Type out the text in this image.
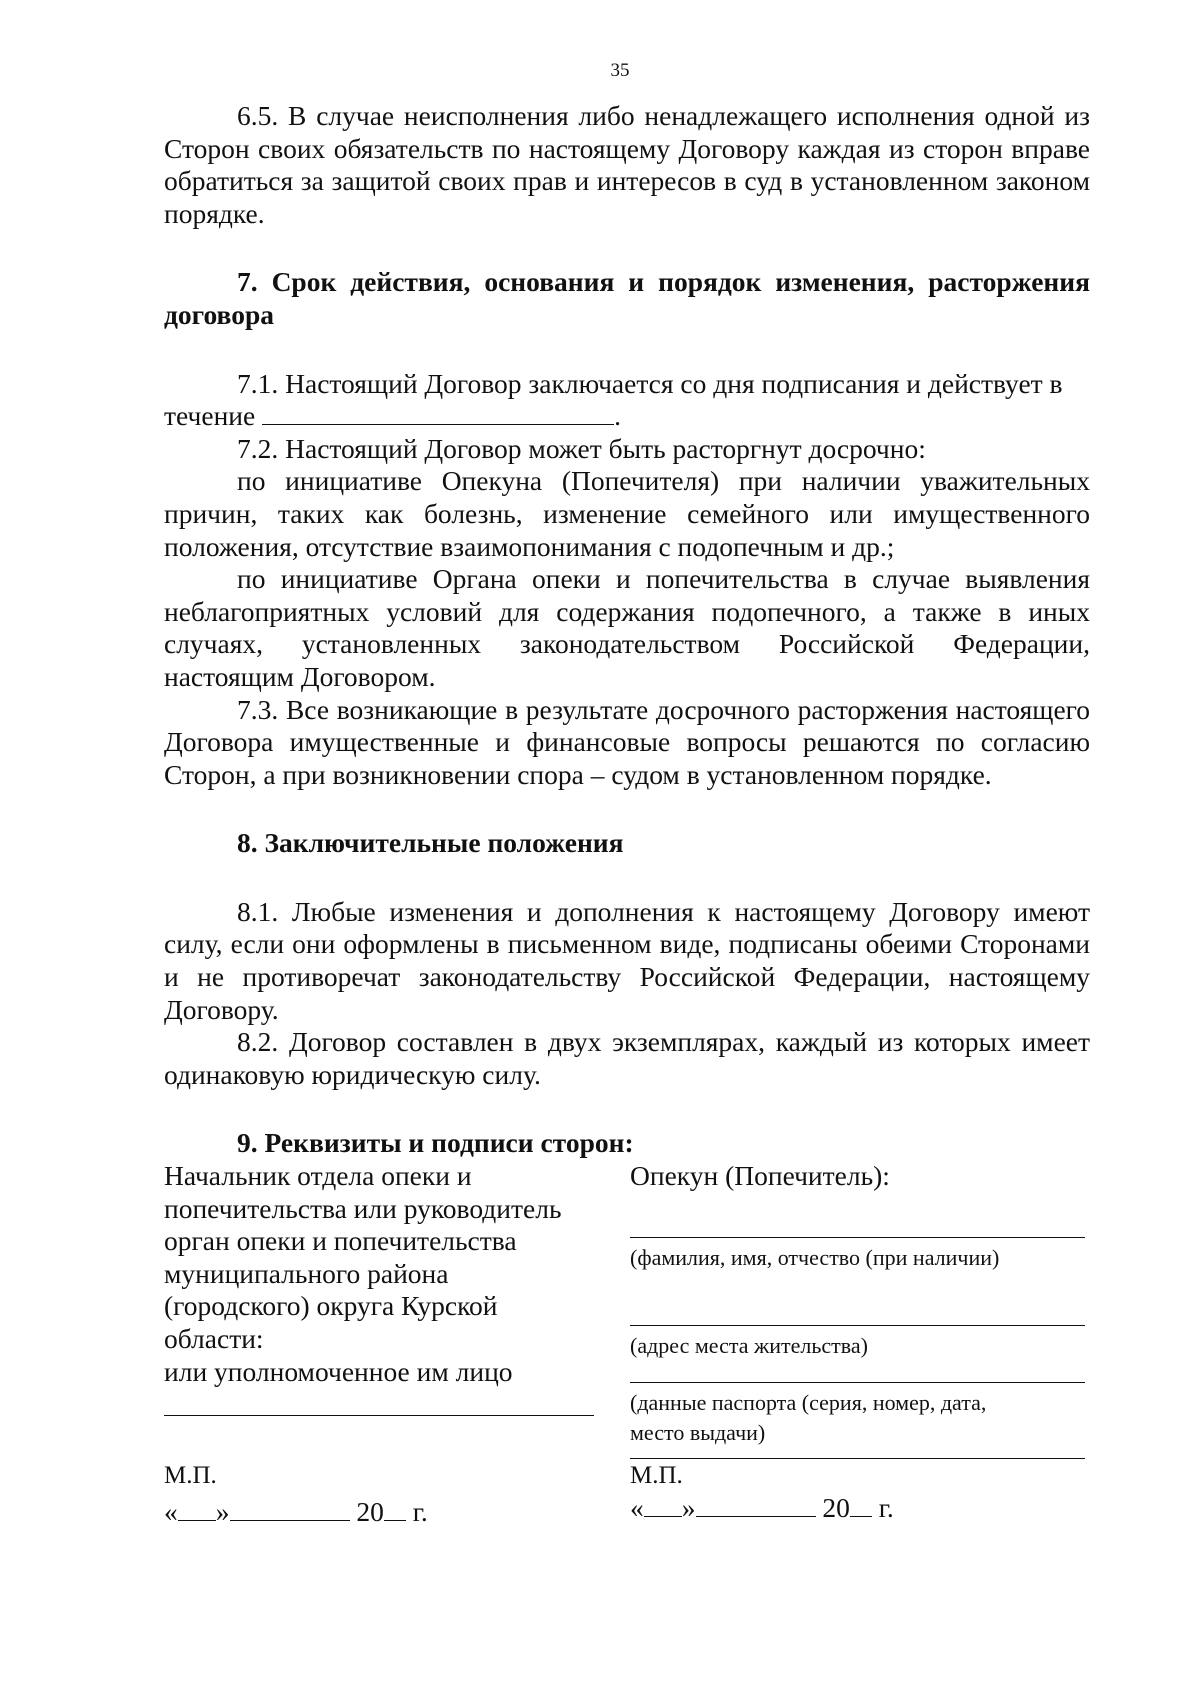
35

6.5. В случае неисполнения либо ненадлежащего исполнения одной из Сторон своих обязательств по настоящему Договору каждая из сторон вправе обратиться за защитой своих прав и интересов в суд в установленном законом порядке.

7. Срок действия, основания и порядок изменения, расторжения договора

7.1. Настоящий Договор заключается со дня подписания и действует в течение	.

7.2. Настоящий Договор может быть расторгнут досрочно:

по инициативе Опекуна (Попечителя) при наличии уважительных причин, таких как болезнь, изменение семейного или имущественного положения, отсутствие взаимопонимания с подопечным и др.;

по инициативе Органа опеки и попечительства в случае выявления неблагоприятных условий для содержания подопечного, а также в иных случаях, установленных законодательством Российской Федерации, настоящим Договором.

7.3. Все возникающие в результате досрочного расторжения настоящего Договора имущественные и финансовые вопросы решаются по согласию Сторон, а при возникновении спора – судом в установленном порядке.

8. Заключительные положения

8.1. Любые изменения и дополнения к настоящему Договору имеют силу, если они оформлены в письменном виде, подписаны обеими Сторонами и не противоречат законодательству Российской Федерации, настоящему Договору.

8.2. Договор составлен в двух экземплярах, каждый из которых имеет одинаковую юридическую силу.

9. Реквизиты и подписи сторон:

Начальник отдела опеки и
попечительства или руководитель
орган опеки и попечительства
муниципального района
(городского) округа Курской
области:
или уполномоченное им лицо
М.П.
« »	20 г.
Опекун (Попечитель):
(фамилия, имя, отчество (при наличии)
(адрес места жительства)
(данные паспорта (серия, номер, дата,
место выдачи)
М.П.
« »	20 г.
